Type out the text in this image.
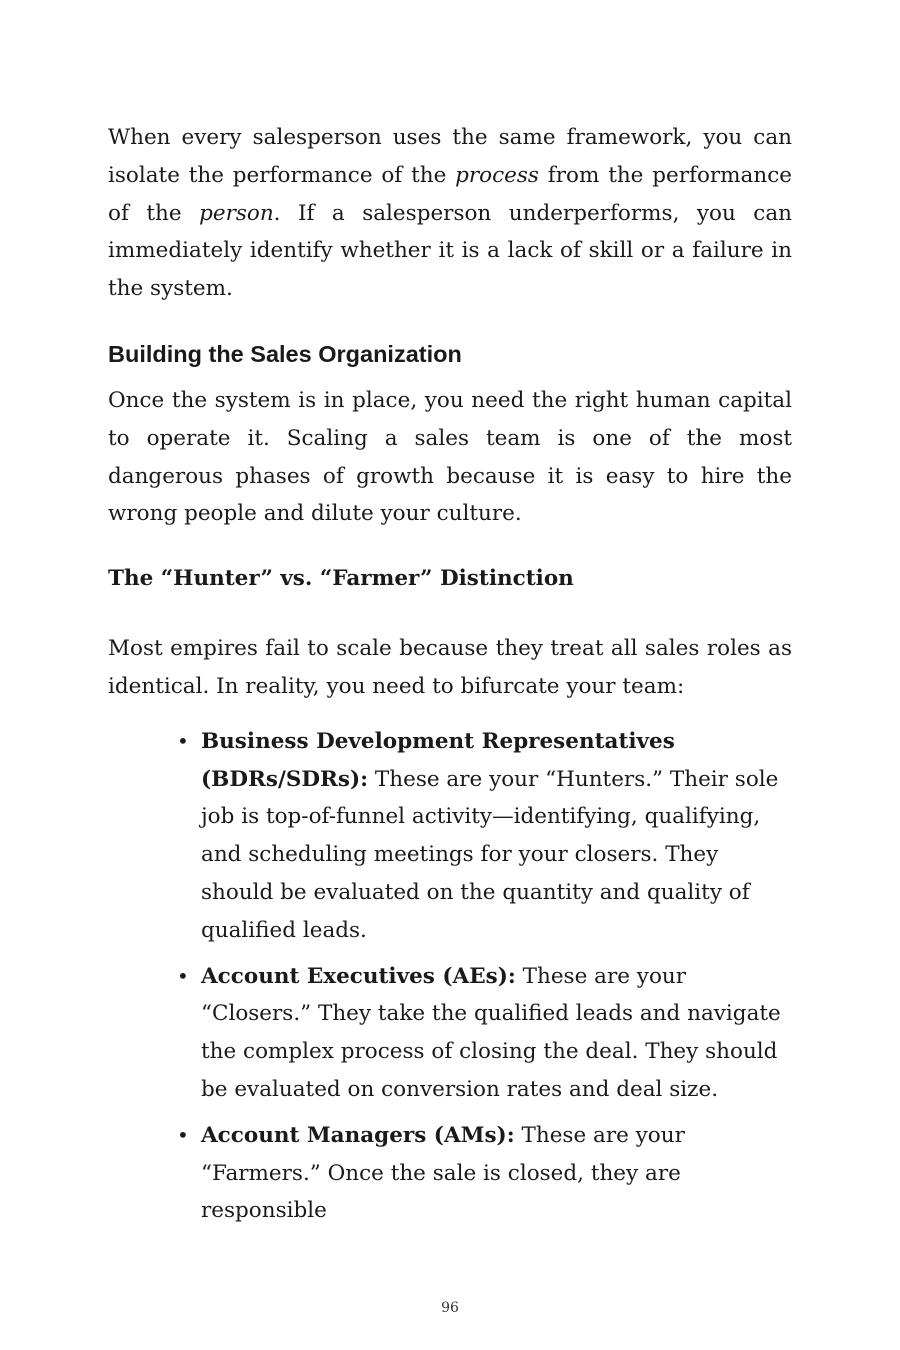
When every salesperson uses the same framework, you can isolate the performance of the process from the performance of the person. If a salesperson underperforms, you can immediately identify whether it is a lack of skill or a failure in the system.

Building the Sales Organization

Once the system is in place, you need the right human capital to operate it. Scaling a sales team is one of the most dangerous phases of growth because it is easy to hire the wrong people and dilute your culture.

The “Hunter” vs. “Farmer” Distinction

Most empires fail to scale because they treat all sales roles as identical. In reality, you need to bifurcate your team:

• Business Development Representatives (BDRs/SDRs): These are your “Hunters.” Their sole job is top-of-funnel activity—identifying, qualifying, and scheduling meetings for your closers. They should be evaluated on the quantity and quality of qualified leads.
• Account Executives (AEs): These are your “Closers.” They take the qualified leads and navigate the complex process of closing the deal. They should be evaluated on conversion rates and deal size.
• Account Managers (AMs): These are your “Farmers.” Once the sale is closed, they are responsible
96
